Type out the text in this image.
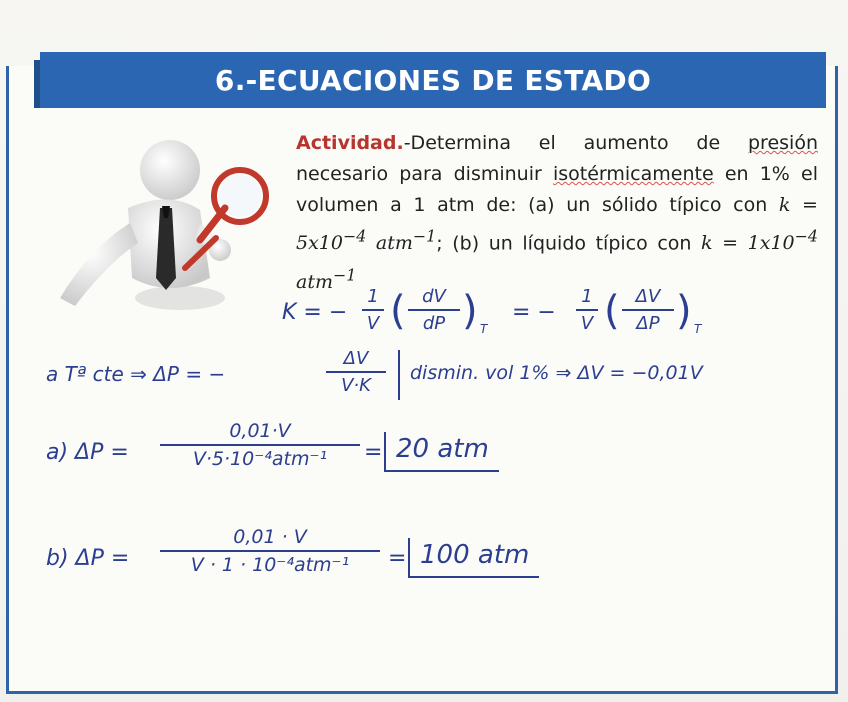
6.-ECUACIONES DE ESTADO
Actividad.-Determina el aumento de presión necesario para disminuir isotérmicamente en 1% el volumen a 1 atm de: (a) un sólido típico con $k = 5x10^{-4}$ atm$^{-1}$; (b) un líquido típico con $k = 1x10^{-4}$ atm$^{-1}$
K = −
1
V ( dV
dP ) T
= −
1
V ( ΔV
ΔP ) T
a Tª cte ⇒ ΔP = −
ΔV
V·K
dismin. vol 1% ⇒ ΔV = −0,01V
a) ΔP =
0,01·V
V·5·10⁻⁴atm⁻¹	= 20 atm
b) ΔP =
0,01 · V
V · 1 · 10⁻⁴atm⁻¹	= 100 atm
